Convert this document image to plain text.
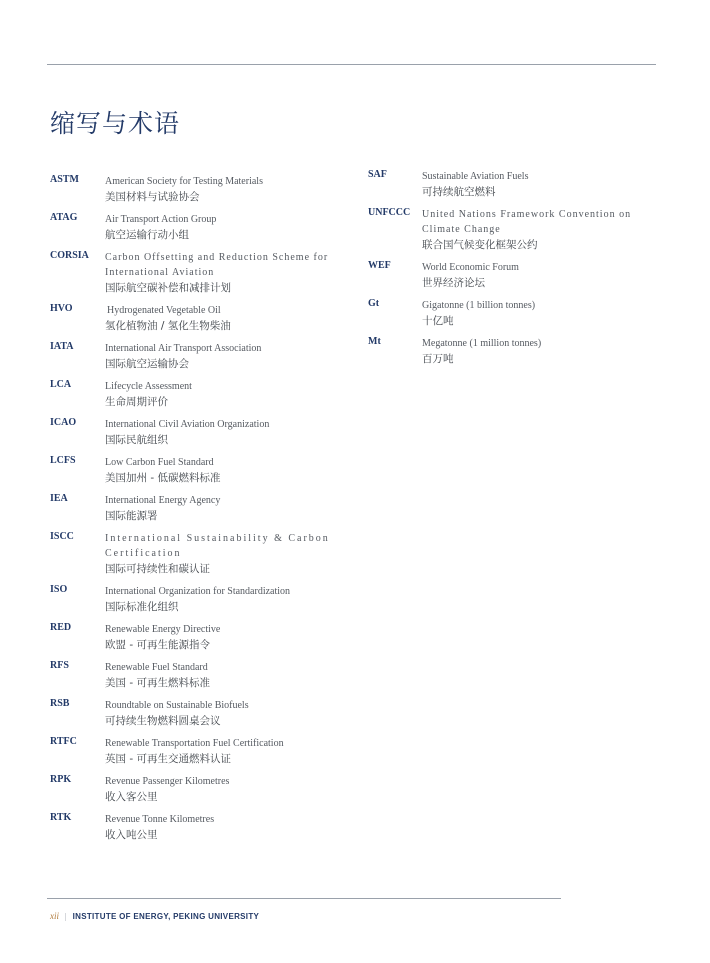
缩写与术语
ASTM	American Society for Testing Materials
美国材料与试验协会
ATAG	Air Transport Action Group
航空运输行动小组
CORSIA Carbon Offsetting and Reduction Scheme for International Aviation
国际航空碳补偿和减排计划
HVO	Hydrogenated Vegetable Oil
氢化植物油 / 氢化生物柴油
IATA	International Air Transport Association
国际航空运输协会
LCA	Lifecycle Assessment
生命周期评价
ICAO	International Civil Aviation Organization
国际民航组织
LCFS	Low Carbon Fuel Standard
美国加州 - 低碳燃料标准
IEA	International Energy Agency
国际能源署
ISCC	International Sustainability & Carbon Certification
国际可持续性和碳认证
ISO	International Organization for Standardization
国际标准化组织
RED	Renewable Energy Directive
欧盟 - 可再生能源指令
RFS	Renewable Fuel Standard
美国 - 可再生燃料标准
RSB	Roundtable on Sustainable Biofuels
可持续生物燃料圆桌会议
RTFC	Renewable Transportation Fuel Certification
英国 - 可再生交通燃料认证
RPK	Revenue Passenger Kilometres
收入客公里
RTK	Revenue Tonne Kilometres
收入吨公里
SAF	Sustainable Aviation Fuels
可持续航空燃料
UNFCCC United Nations Framework Convention on Climate Change
联合国气候变化框架公约
WEF	World Economic Forum
世界经济论坛
Gt	Gigatonne (1 billion tonnes)
十亿吨
Mt	Megatonne (1 million tonnes)
百万吨
xii | INSTITUTE OF ENERGY, PEKING UNIVERSITY
